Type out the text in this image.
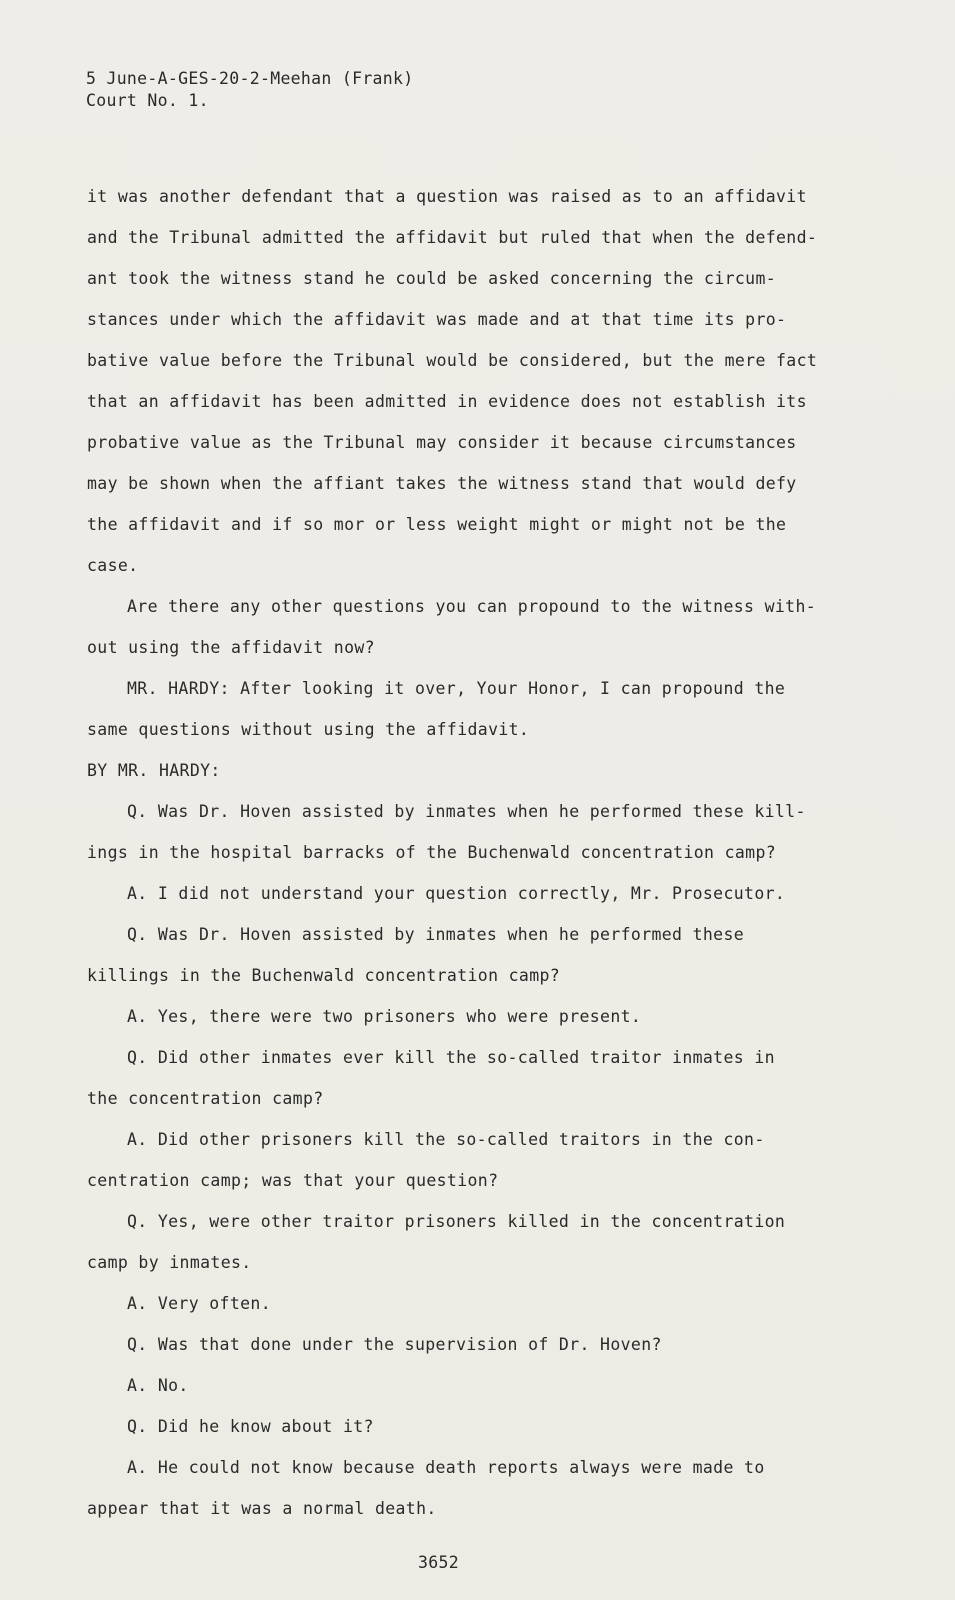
5 June-A-GES-20-2-Meehan (Frank)
Court No. 1.
it was another defendant that a question was raised as to an affidavit
and the Tribunal admitted the affidavit but ruled that when the defend-
ant took the witness stand he could be asked concerning the circum-
stances under which the affidavit was made and at that time its pro-
bative value before the Tribunal would be considered, but the mere fact
that an affidavit has been admitted in evidence does not establish its
probative value as the Tribunal may consider it because circumstances
may be shown when the affiant takes the witness stand that would defy
the affidavit and if so mor or less weight might or might not be the
case.
Are there any other questions you can propound to the witness with-
out using the affidavit now?
MR. HARDY: After looking it over, Your Honor, I can propound the
same questions without using the affidavit.
BY MR. HARDY:
Q. Was Dr. Hoven assisted by inmates when he performed these kill-
ings in the hospital barracks of the Buchenwald concentration camp?
A. I did not understand your question correctly, Mr. Prosecutor.
Q. Was Dr. Hoven assisted by inmates when he performed these
killings in the Buchenwald concentration camp?
A. Yes, there were two prisoners who were present.
Q. Did other inmates ever kill the so-called traitor inmates in
the concentration camp?
A. Did other prisoners kill the so-called traitors in the con-
centration camp; was that your question?
Q. Yes, were other traitor prisoners killed in the concentration
camp by inmates.
A. Very often.
Q. Was that done under the supervision of Dr. Hoven?
A. No.
Q. Did he know about it?
A. He could not know because death reports always were made to
appear that it was a normal death.
3652
